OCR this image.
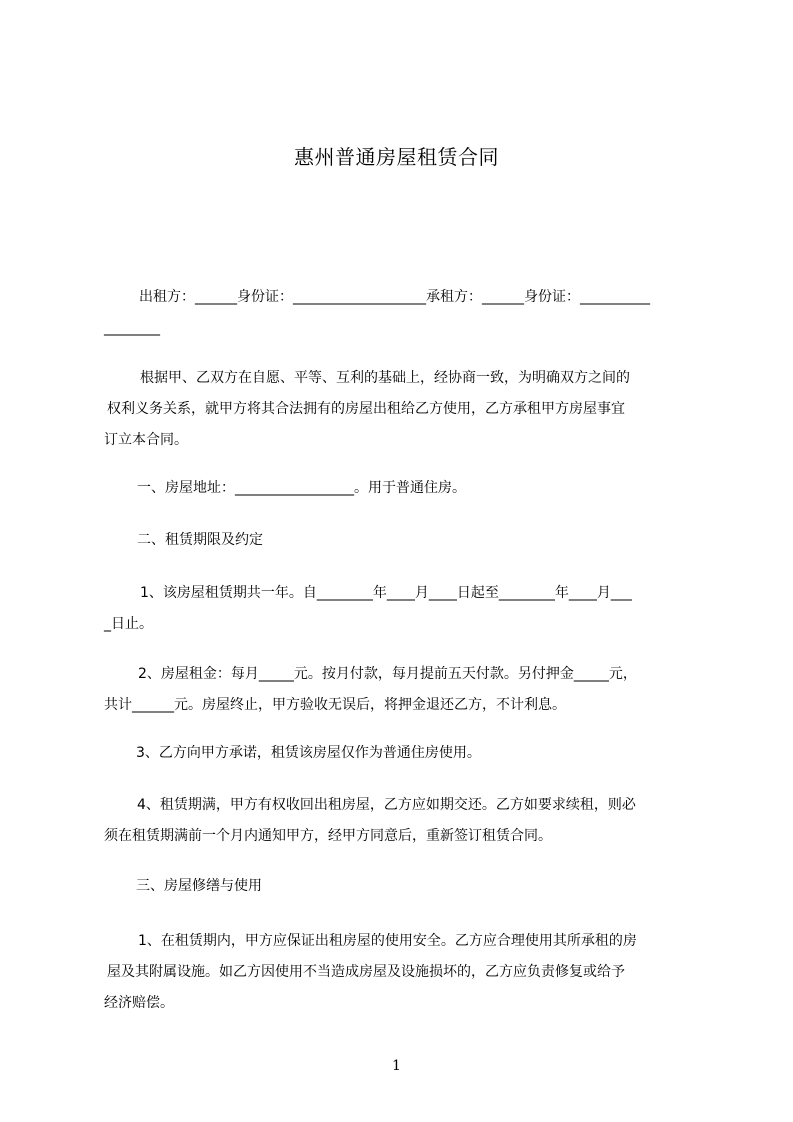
惠州普通房屋租赁合同
出租方：______身份证：___________________承租方：______身份证：__________
________
根据甲、乙双方在自愿、平等、互利的基础上，经协商一致，为明确双方之间的
权利义务关系，就甲方将其合法拥有的房屋出租给乙方使用，乙方承租甲方房屋事宜
订立本合同。
一、房屋地址：_________________。用于普通住房。
二、租赁期限及约定
1、该房屋租赁期共一年。自________年____月____日起至________年____月___
_日止。
2、房屋租金：每月_____元。按月付款，每月提前五天付款。另付押金_____元，
共计______元。房屋终止，甲方验收无误后，将押金退还乙方，不计利息。
3、乙方向甲方承诺，租赁该房屋仅作为普通住房使用。
4、租赁期满，甲方有权收回出租房屋，乙方应如期交还。乙方如要求续租，则必
须在租赁期满前一个月内通知甲方，经甲方同意后，重新签订租赁合同。
三、房屋修缮与使用
1、在租赁期内，甲方应保证出租房屋的使用安全。乙方应合理使用其所承租的房
屋及其附属设施。如乙方因使用不当造成房屋及设施损坏的，乙方应负责修复或给予
经济赔偿。
1
